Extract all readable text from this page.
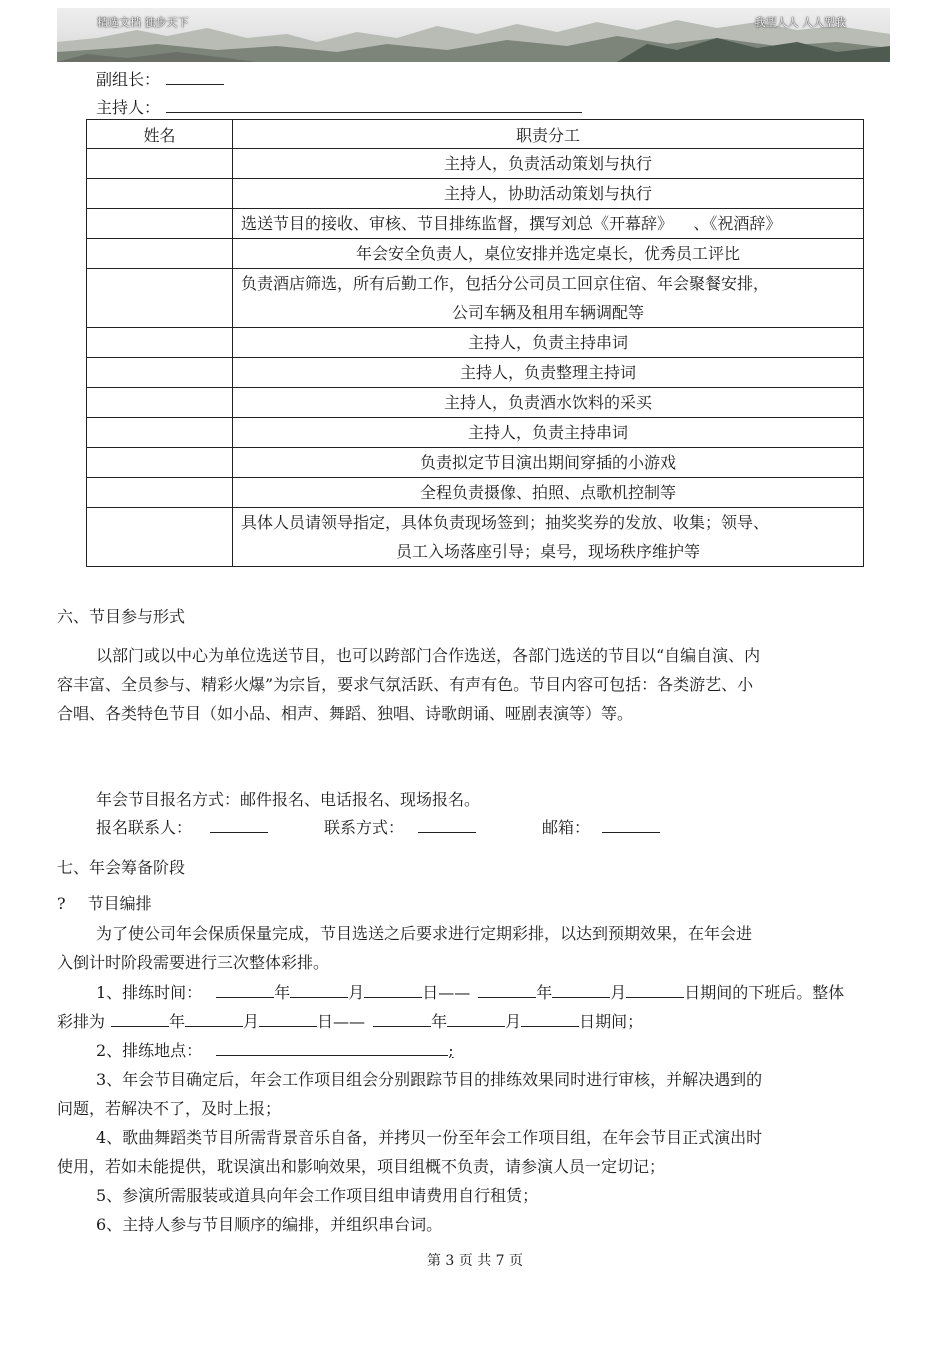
精选文档 独步天下	我型人人 人人型我
副组长：
主持人：
姓名	职责分工
	主持人，负责活动策划与执行
	主持人，协助活动策划与执行
	选送节目的接收、审核、节目排练监督，撰写刘总《开幕辞》    、《祝酒辞》
	年会安全负责人，桌位安排并选定桌长，优秀员工评比

	负责酒店筛选，所有后勤工作，包括分公司员工回京住宿、年会聚餐安排，
公司车辆及租用车辆调配等

	主持人，负责主持串词
	主持人，负责整理主持词
	主持人，负责酒水饮料的采买
	主持人，负责主持串词
	负责拟定节目演出期间穿插的小游戏
	全程负责摄像、拍照、点歌机控制等

	具体人员请领导指定，具体负责现场签到；抽奖奖券的发放、收集；领导、
员工入场落座引导；桌号，现场秩序维护等
六、节目参与形式
以部门或以中心为单位选送节目，也可以跨部门合作选送，各部门选送的节目以“自编自演、内
容丰富、全员参与、精彩火爆”为宗旨，要求气氛活跃、有声有色。节目内容可包括：各类游艺、小
合唱、各类特色节目（如小品、相声、舞蹈、独唱、诗歌朗诵、哑剧表演等）等。
年会节目报名方式：邮件报名、电话报名、现场报名。
报名联系人：	联系方式：	邮箱：
七、年会筹备阶段
? 节目编排
为了使公司年会保质保量完成，节目选送之后要求进行定期彩排，以达到预期效果，在年会进
入倒计时阶段需要进行三次整体彩排。
1、排练时间：	年	月	日——	年	月	日期间的下班后。整体
彩排为	年	月	日——	年	月	日期间；
2、排练地点：	;
3、年会节目确定后，年会工作项目组会分别跟踪节目的排练效果同时进行审核，并解决遇到的
问题，若解决不了，及时上报；
4、歌曲舞蹈类节目所需背景音乐自备，并拷贝一份至年会工作项目组，在年会节目正式演出时
使用，若如未能提供，耽误演出和影响效果，项目组概不负责，请参演人员一定切记；
5、参演所需服装或道具向年会工作项目组申请费用自行租赁；
6、主持人参与节目顺序的编排，并组织串台词。
第 3 页 共 7 页
